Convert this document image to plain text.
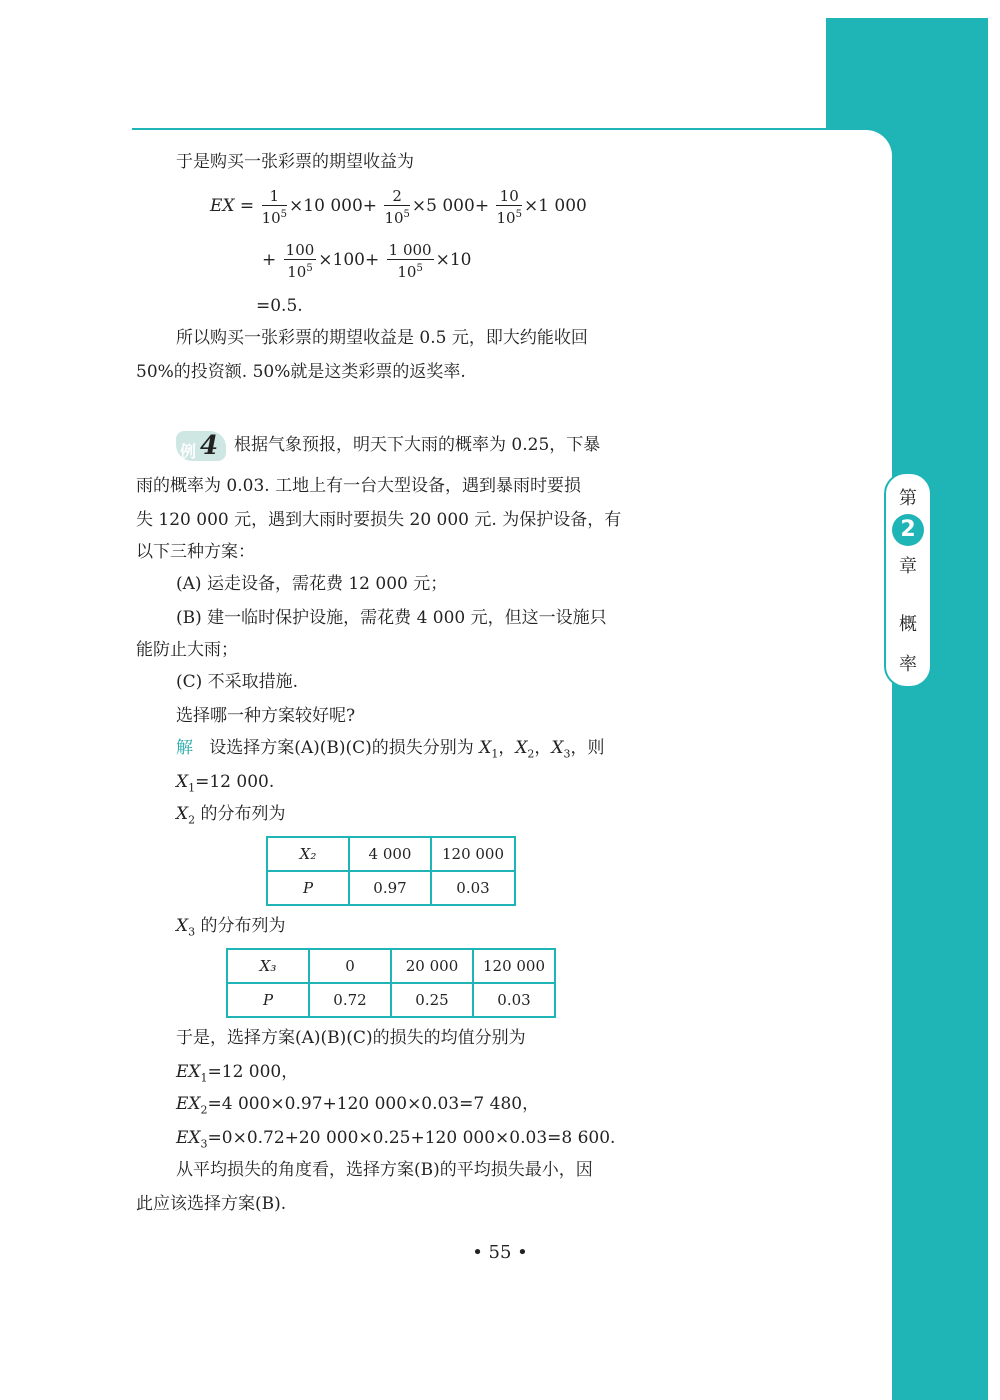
第
2
章
概
率
于是购买一张彩票的期望收益为
EX = $\frac{1}{10^5} \times 10$ $000+ \frac{2}{10^5} \times 5$ $000+ \frac{10}{10^5} \times 1$ 000
+ $\frac{100}{10^5} \times 100+ \frac{1 000}{10^5} \times 10$
=0.5.
所以购买一张彩票的期望收益是 0.5 元，即大约能收回
50%的投资额. 50%就是这类彩票的返奖率.
例 4 根据气象预报，明天下大雨的概率为 0.25，下暴
雨的概率为 0.03. 工地上有一台大型设备，遇到暴雨时要损
失 120 000 元，遇到大雨时要损失 20 000 元. 为保护设备，有
以下三种方案：
(A) 运走设备，需花费 12 000 元；
(B) 建一临时保护设施，需花费 4 000 元，但这一设施只
能防止大雨；
(C) 不采取措施.
选择哪一种方案较好呢?
解 设选择方案(A)(B)(C)的损失分别为 $X_1$，$X_2$，$X_3$，则
$X_1=12$ 000.
$X_2$ 的分布列为
X₂	4 000	120 000
P	0.97	0.03
$X_3$ 的分布列为
X₃	0	20 000	120 000
P	0.72	0.25	0.03
于是，选择方案(A)(B)(C)的损失的均值分别为
$EX_1=12$ 000，
$EX_2=4$ 000×0.97+120 000×0.03=7 480，
$EX_3=0\times 0.72+20$ 000×0.25+120 000×0.03=8 600.
从平均损失的角度看，选择方案(B)的平均损失最小，因
此应该选择方案(B).
• 55 •
